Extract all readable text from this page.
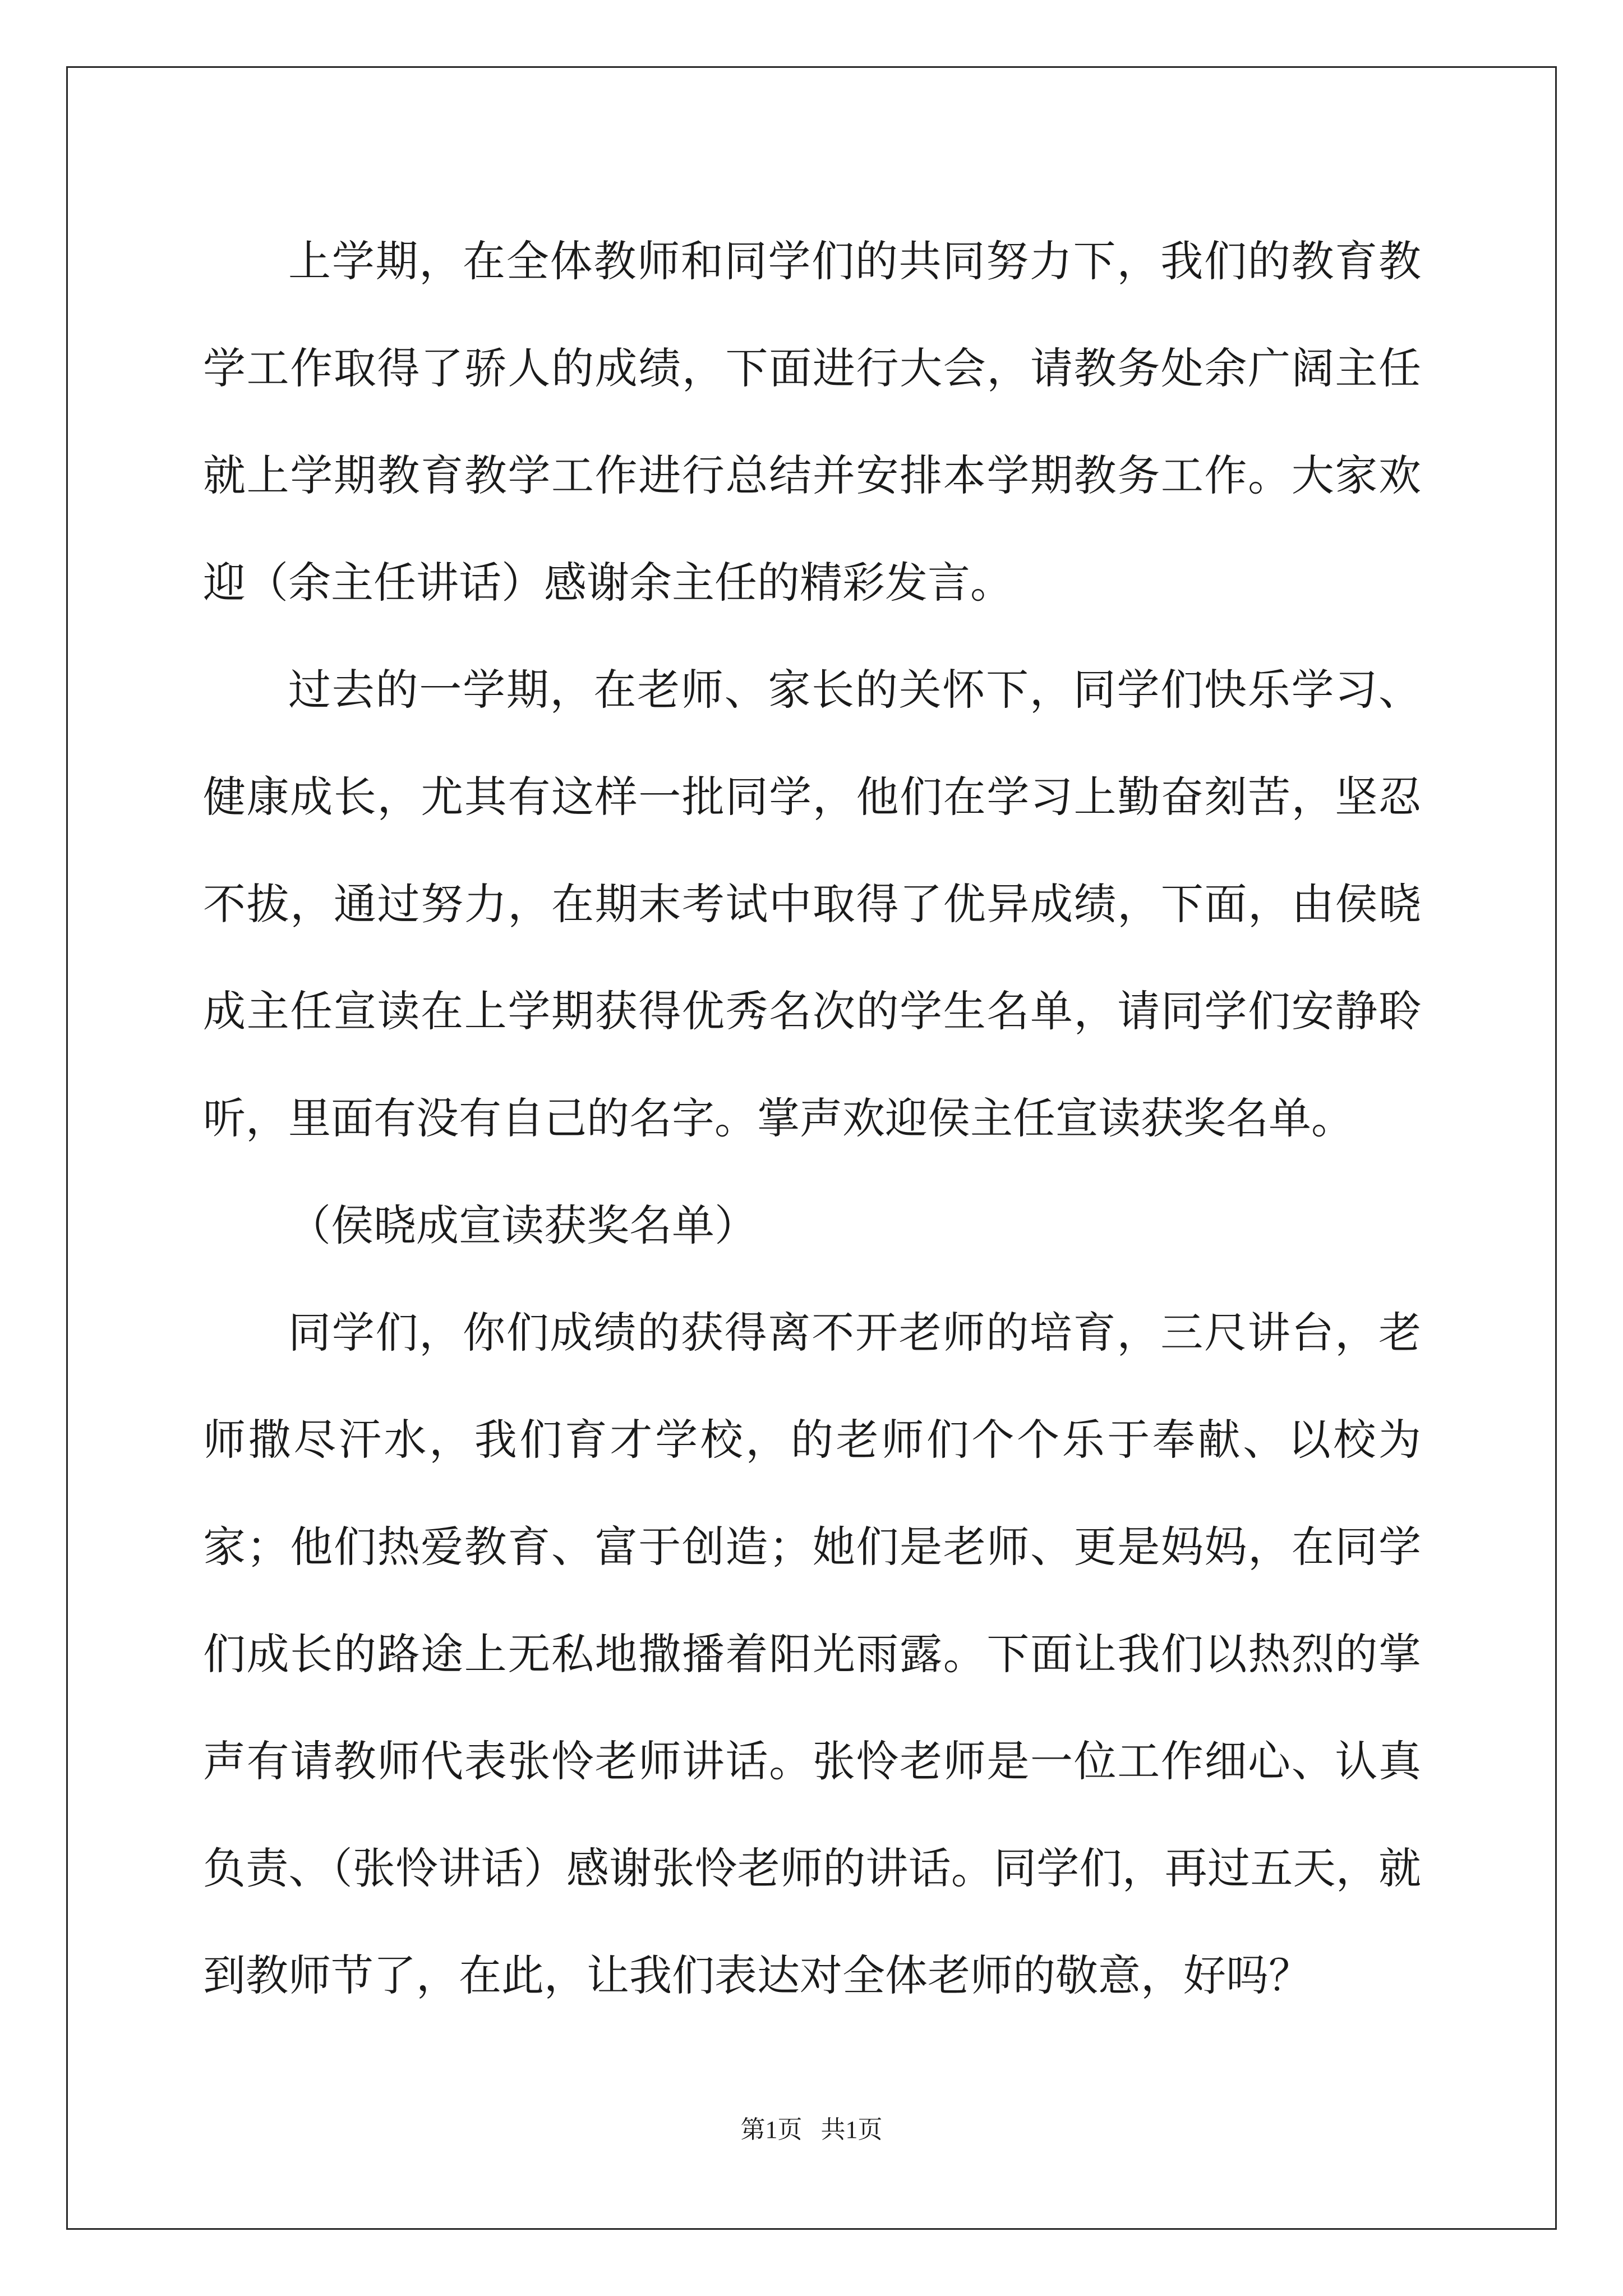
上学期，在全体教师和同学们的共同努力下，我们的教育教学工作取得了骄人的成绩，下面进行大会，请教务处余广阔主任就上学期教育教学工作进行总结并安排本学期教务工作。大家欢迎（余主任讲话）感谢余主任的精彩发言。

过去的一学期，在老师、家长的关怀下，同学们快乐学习、健康成长，尤其有这样一批同学，他们在学习上勤奋刻苦，坚忍不拔，通过努力，在期末考试中取得了优异成绩，下面，由侯晓成主任宣读在上学期获得优秀名次的学生名单，请同学们安静聆听，里面有没有自己的名字。掌声欢迎侯主任宣读获奖名单。

（侯晓成宣读获奖名单）

同学们，你们成绩的获得离不开老师的培育，三尺讲台，老师撒尽汗水，我们育才学校，的老师们个个乐于奉献、以校为家；他们热爱教育、富于创造；她们是老师、更是妈妈，在同学们成长的路途上无私地撒播着阳光雨露。下面让我们以热烈的掌声有请教师代表张怜老师讲话。张怜老师是一位工作细心、认真负责、（张怜讲话）感谢张怜老师的讲话。同学们，再过五天，就到教师节了，在此，让我们表达对全体老师的敬意，好吗？

第1页 共1页
